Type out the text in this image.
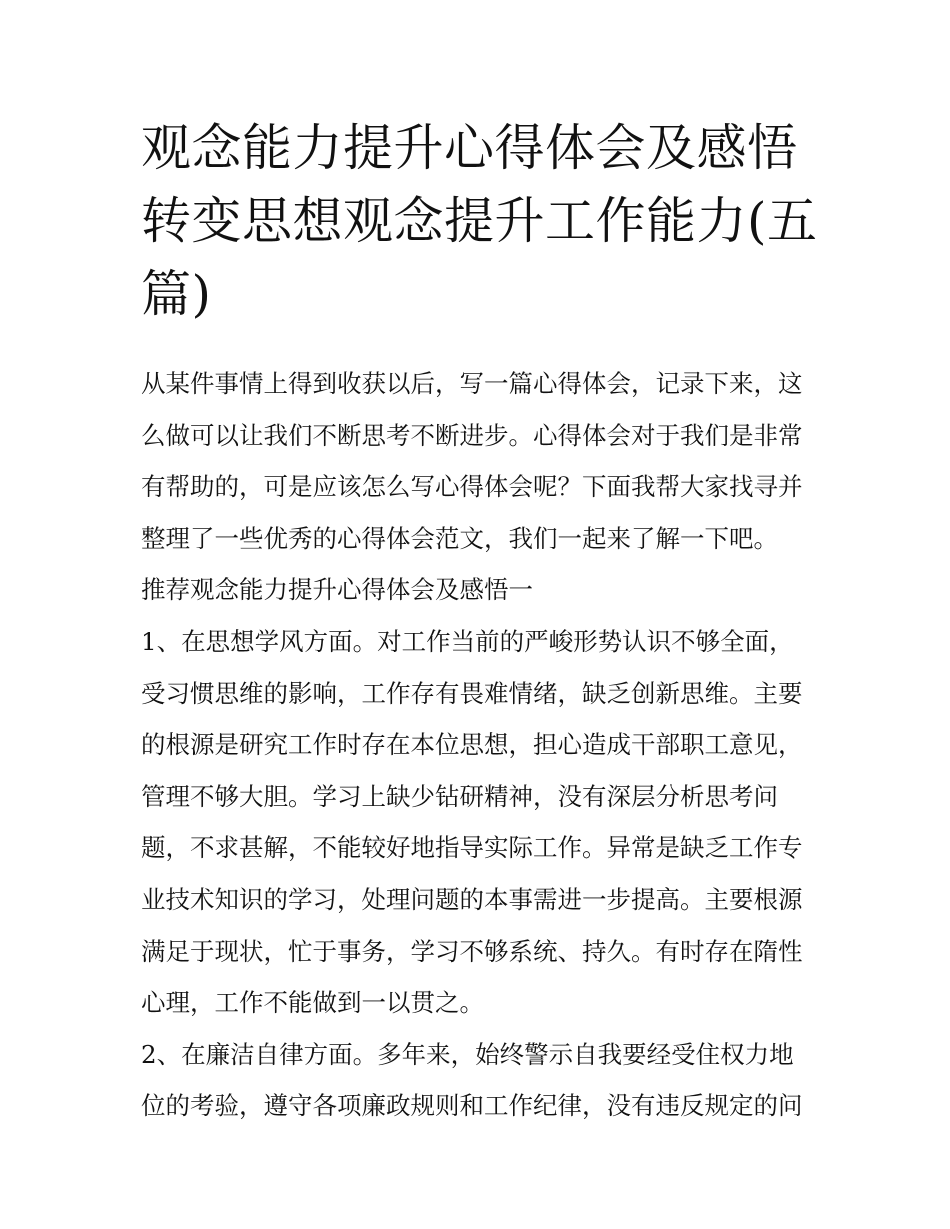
观念能力提升心得体会及感悟转变思想观念提升工作能力(五篇)

从某件事情上得到收获以后，写一篇心得体会，记录下来，这么做可以让我们不断思考不断进步。心得体会对于我们是非常有帮助的，可是应该怎么写心得体会呢？下面我帮大家找寻并整理了一些优秀的心得体会范文，我们一起来了解一下吧。

推荐观念能力提升心得体会及感悟一

1、在思想学风方面。对工作当前的严峻形势认识不够全面，受习惯思维的影响，工作存有畏难情绪，缺乏创新思维。主要的根源是研究工作时存在本位思想，担心造成干部职工意见，管理不够大胆。学习上缺少钻研精神，没有深层分析思考问题，不求甚解，不能较好地指导实际工作。异常是缺乏工作专业技术知识的学习，处理问题的本事需进一步提高。主要根源满足于现状，忙于事务，学习不够系统、持久。有时存在隋性心理，工作不能做到一以贯之。

2、在廉洁自律方面。多年来，始终警示自我要经受住权力地位的考验，遵守各项廉政规则和工作纪律，没有违反规定的问
